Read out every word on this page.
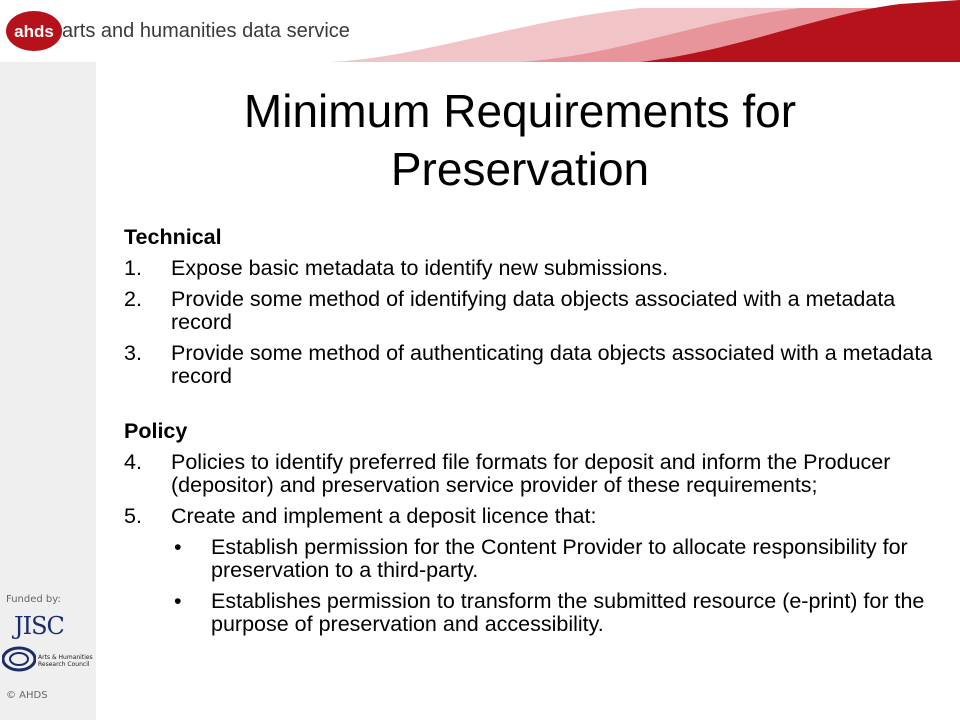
ahds arts and humanities data service
Minimum Requirements for
Preservation
Technical
1. Expose basic metadata to identify new submissions.
2. Provide some method of identifying data objects associated with a metadata record
3. Provide some method of authenticating data objects associated with a metadata record
Policy
4. Policies to identify preferred file formats for deposit and inform the Producer (depositor) and preservation service provider of these requirements;
5. Create and implement a deposit licence that:
• Establish permission for the Content Provider to allocate responsibility for preservation to a third-party.
• Establishes permission to transform the submitted resource (e-print) for the purpose of preservation and accessibility.
Funded by:
JISC
Arts & Humanities
Research Council
© AHDS
